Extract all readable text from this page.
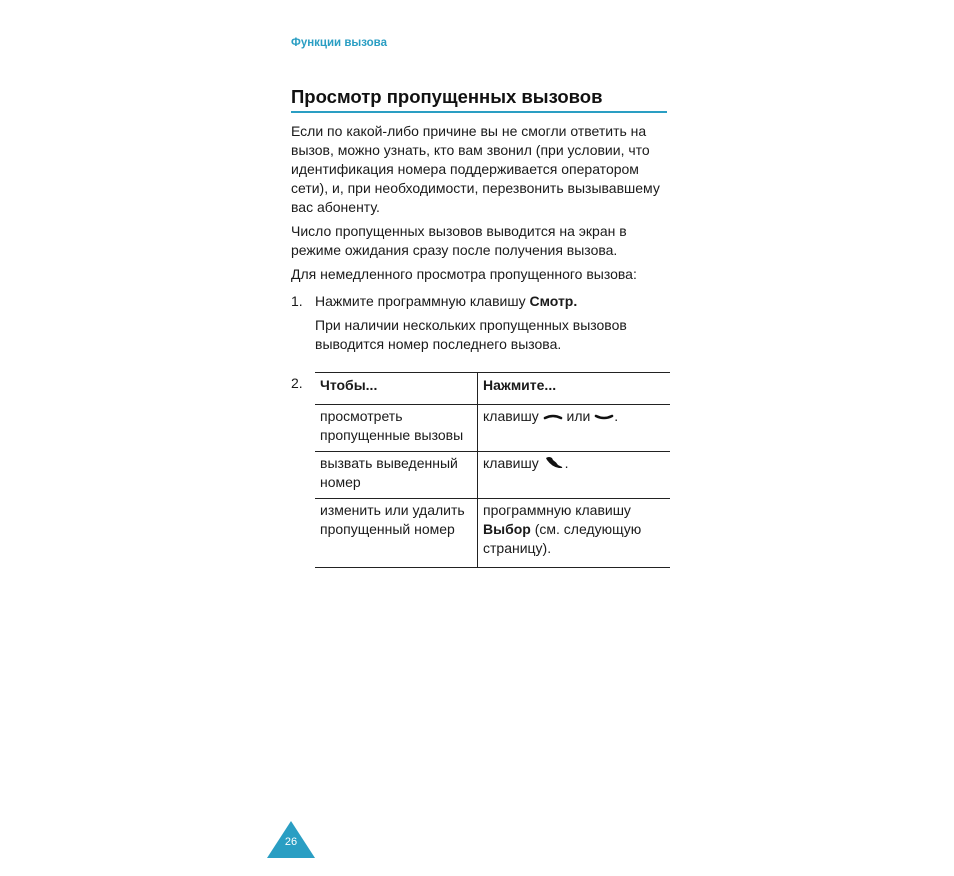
Функции вызова
Просмотр пропущенных вызовов

Если по какой-либо причине вы не смогли ответить на вызов, можно узнать, кто вам звонил (при условии, что идентификация номера поддерживается оператором сети), и, при необходимости, перезвонить вызывавшему вас абоненту.

Число пропущенных вызовов выводится на экран в режиме ожидания сразу после получения вызова.

Для немедленного просмотра пропущенного вызова:

1. Нажмите программную клавишу Смотр.

При наличии нескольких пропущенных вызовов выводится номер последнего вызова.

2. Чтобы...	Нажмите...
просмотреть пропущенные вызовы	клавишу  или .
вызвать выведенный номер	клавишу .
изменить или удалить пропущенный номер	программную клавишу Выбор (см. следующую страницу).
26
